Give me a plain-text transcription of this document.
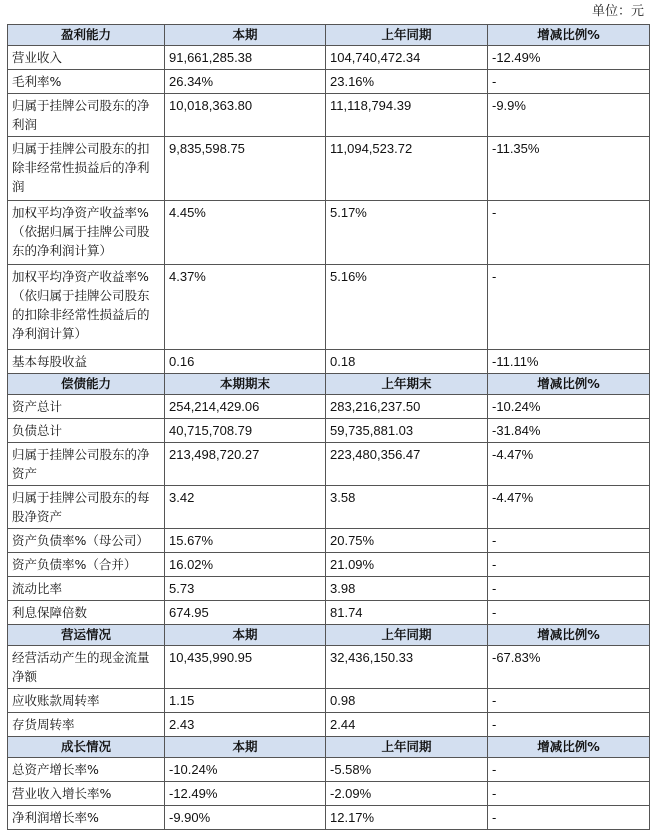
单位：元
盈利能力	本期	上年同期	增减比例%
营业收入	91,661,285.38	104,740,472.34	-12.49%
毛利率%	26.34%	23.16%	-
归属于挂牌公司股东的净利润	10,018,363.80	11,118,794.39	-9.9%
归属于挂牌公司股东的扣除非经常性损益后的净利润	9,835,598.75	11,094,523.72	-11.35%
加权平均净资产收益率%（依据归属于挂牌公司股东的净利润计算）	4.45%	5.17%	-
加权平均净资产收益率%（依归属于挂牌公司股东的扣除非经常性损益后的净利润计算）	4.37%	5.16%	-
基本每股收益	0.16	0.18	-11.11%
偿债能力	本期期末	上年期末	增减比例%
资产总计	254,214,429.06	283,216,237.50	-10.24%
负债总计	40,715,708.79	59,735,881.03	-31.84%
归属于挂牌公司股东的净资产	213,498,720.27	223,480,356.47	-4.47%
归属于挂牌公司股东的每股净资产	3.42	3.58	-4.47%
资产负债率%（母公司）	15.67%	20.75%	-
资产负债率%（合并）	16.02%	21.09%	-
流动比率	5.73	3.98	-
利息保障倍数	674.95	81.74	-
营运情况	本期	上年同期	增减比例%
经营活动产生的现金流量净额	10,435,990.95	32,436,150.33	-67.83%
应收账款周转率	1.15	0.98	-
存货周转率	2.43	2.44	-
成长情况	本期	上年同期	增减比例%
总资产增长率%	-10.24%	-5.58%	-
营业收入增长率%	-12.49%	-2.09%	-
净利润增长率%	-9.90%	12.17%	-
